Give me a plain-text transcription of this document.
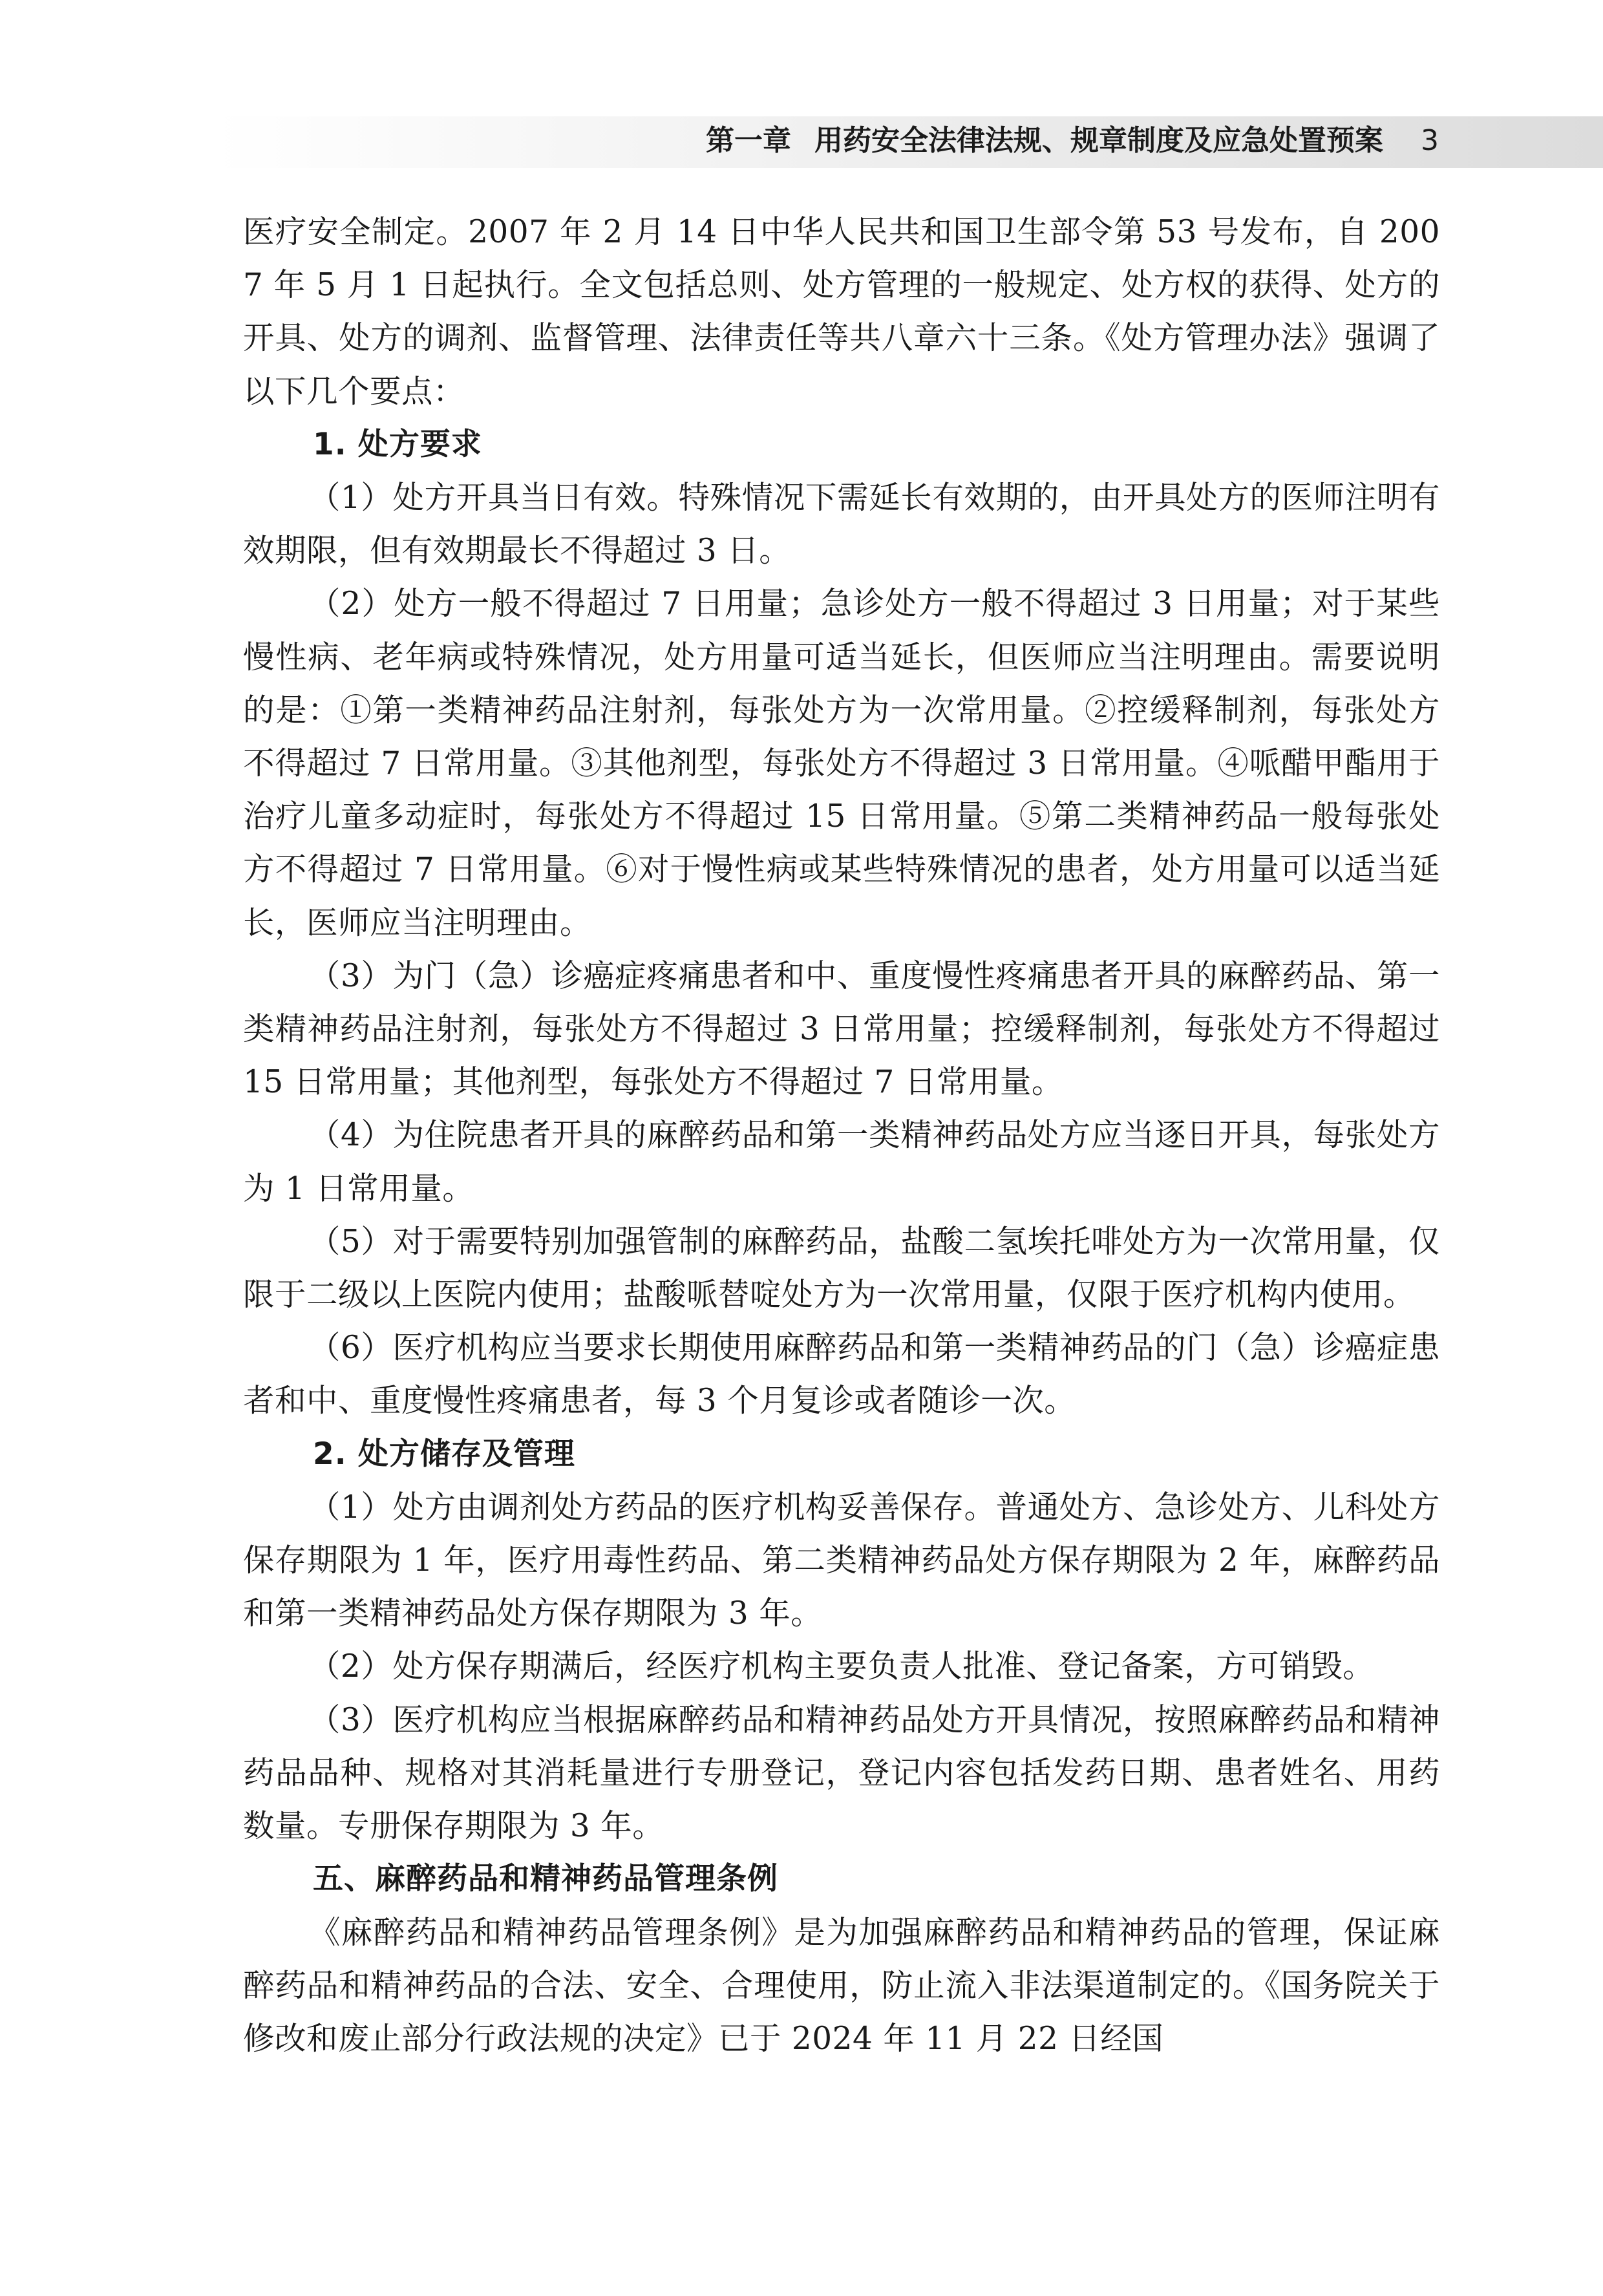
第一章 用药安全法律法规、规章制度及应急处置预案 3

医疗安全制定。2007 年 2 月 14 日中华人民共和国卫生部令第 53 号发布，自 2007 年 5 月 1 日起执行。全文包括总则、处方管理的一般规定、处方权的获得、处方的开具、处方的调剂、监督管理、法律责任等共八章六十三条。《处方管理办法》强调了以下几个要点：

1. 处方要求

（1）处方开具当日有效。特殊情况下需延长有效期的，由开具处方的医师注明有效期限，但有效期最长不得超过 3 日。

（2）处方一般不得超过 7 日用量；急诊处方一般不得超过 3 日用量；对于某些慢性病、老年病或特殊情况，处方用量可适当延长，但医师应当注明理由。需要说明的是：①第一类精神药品注射剂，每张处方为一次常用量。②控缓释制剂，每张处方不得超过 7 日常用量。③其他剂型，每张处方不得超过 3 日常用量。④哌醋甲酯用于治疗儿童多动症时，每张处方不得超过 15 日常用量。⑤第二类精神药品一般每张处方不得超过 7 日常用量。⑥对于慢性病或某些特殊情况的患者，处方用量可以适当延长，医师应当注明理由。

（3）为门（急）诊癌症疼痛患者和中、重度慢性疼痛患者开具的麻醉药品、第一类精神药品注射剂，每张处方不得超过 3 日常用量；控缓释制剂，每张处方不得超过 15 日常用量；其他剂型，每张处方不得超过 7 日常用量。

（4）为住院患者开具的麻醉药品和第一类精神药品处方应当逐日开具，每张处方为 1 日常用量。

（5）对于需要特别加强管制的麻醉药品，盐酸二氢埃托啡处方为一次常用量，仅限于二级以上医院内使用；盐酸哌替啶处方为一次常用量，仅限于医疗机构内使用。

（6）医疗机构应当要求长期使用麻醉药品和第一类精神药品的门（急）诊癌症患者和中、重度慢性疼痛患者，每 3 个月复诊或者随诊一次。

2. 处方储存及管理

（1）处方由调剂处方药品的医疗机构妥善保存。普通处方、急诊处方、儿科处方保存期限为 1 年，医疗用毒性药品、第二类精神药品处方保存期限为 2 年，麻醉药品和第一类精神药品处方保存期限为 3 年。

（2）处方保存期满后，经医疗机构主要负责人批准、登记备案，方可销毁。

（3）医疗机构应当根据麻醉药品和精神药品处方开具情况，按照麻醉药品和精神药品品种、规格对其消耗量进行专册登记，登记内容包括发药日期、患者姓名、用药数量。专册保存期限为 3 年。

五、麻醉药品和精神药品管理条例

《麻醉药品和精神药品管理条例》是为加强麻醉药品和精神药品的管理，保证麻醉药品和精神药品的合法、安全、合理使用，防止流入非法渠道制定的。《国务院关于修改和废止部分行政法规的决定》已于 2024 年 11 月 22 日经国
